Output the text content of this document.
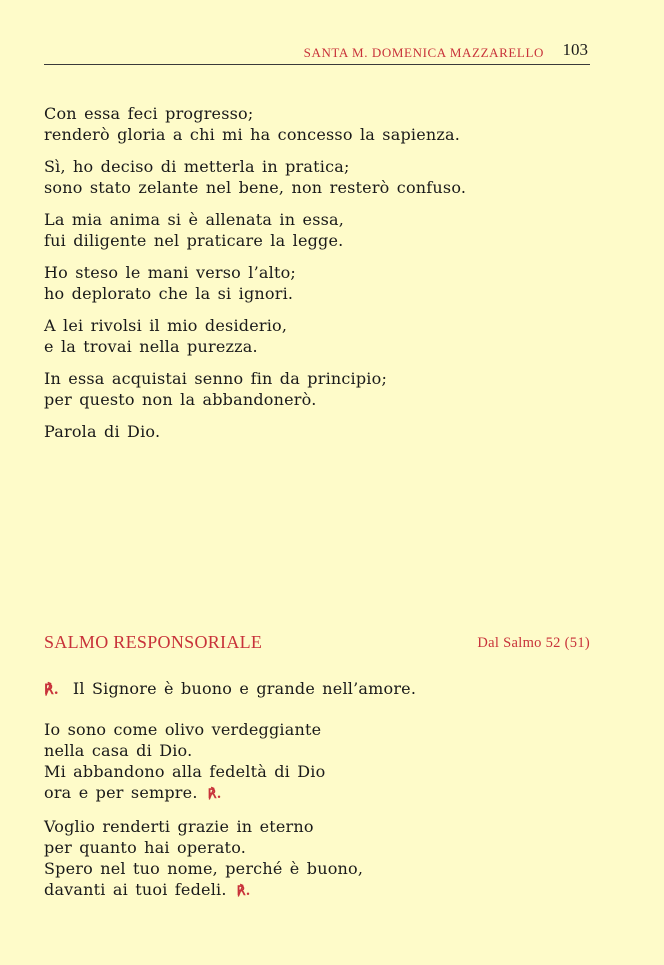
SANTA M. DOMENICA MAZZARELLO 103
Con essa feci progresso;
renderò gloria a chi mi ha concesso la sapienza.
Sì, ho deciso di metterla in pratica;
sono stato zelante nel bene, non resterò confuso.
La mia anima si è allenata in essa,
fui diligente nel praticare la legge.
Ho steso le mani verso l’alto;
ho deplorato che la si ignori.
A lei rivolsi il mio desiderio,
e la trovai nella purezza.
In essa acquistai senno fin da principio;
per questo non la abbandonerò.
Parola di Dio.
SALMO RESPONSORIALE	Dal Salmo 52 (51)
℟. Il Signore è buono e grande nell’amore.
Io sono come olivo verdeggiante
nella casa di Dio.
Mi abbandono alla fedeltà di Dio
ora e per sempre. ℟.
Voglio renderti grazie in eterno
per quanto hai operato.
Spero nel tuo nome, perché è buono,
davanti ai tuoi fedeli. ℟.
